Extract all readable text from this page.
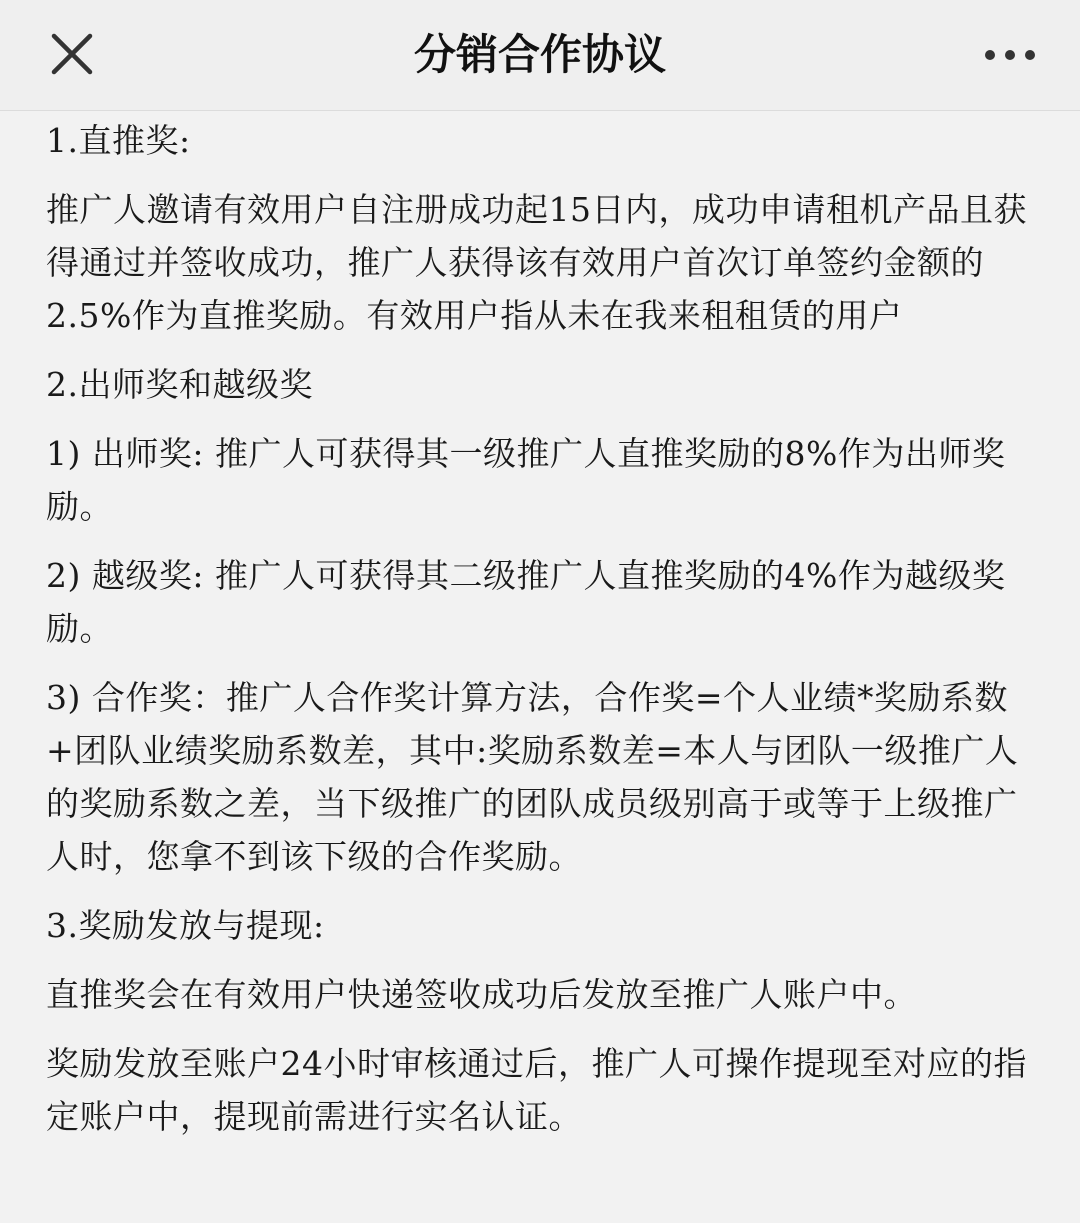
分销合作协议

1.直推奖:

推广人邀请有效用户自注册成功起15日内，成功申请租机产品且获得通过并签收成功，推广人获得该有效用户首次订单签约金额的2.5%作为直推奖励。有效用户指从未在我来租租赁的用户

2.出师奖和越级奖

1) 出师奖: 推广人可获得其一级推广人直推奖励的8%作为出师奖励。

2) 越级奖: 推广人可获得其二级推广人直推奖励的4%作为越级奖励。

3) 合作奖：推广人合作奖计算方法，合作奖=个人业绩*奖励系数+团队业绩奖励系数差，其中:奖励系数差=本人与团队一级推广人的奖励系数之差，当下级推广的团队成员级别高于或等于上级推广人时，您拿不到该下级的合作奖励。

3.奖励发放与提现:

直推奖会在有效用户快递签收成功后发放至推广人账户中。

奖励发放至账户24小时审核通过后，推广人可操作提现至对应的指定账户中，提现前需进行实名认证。
